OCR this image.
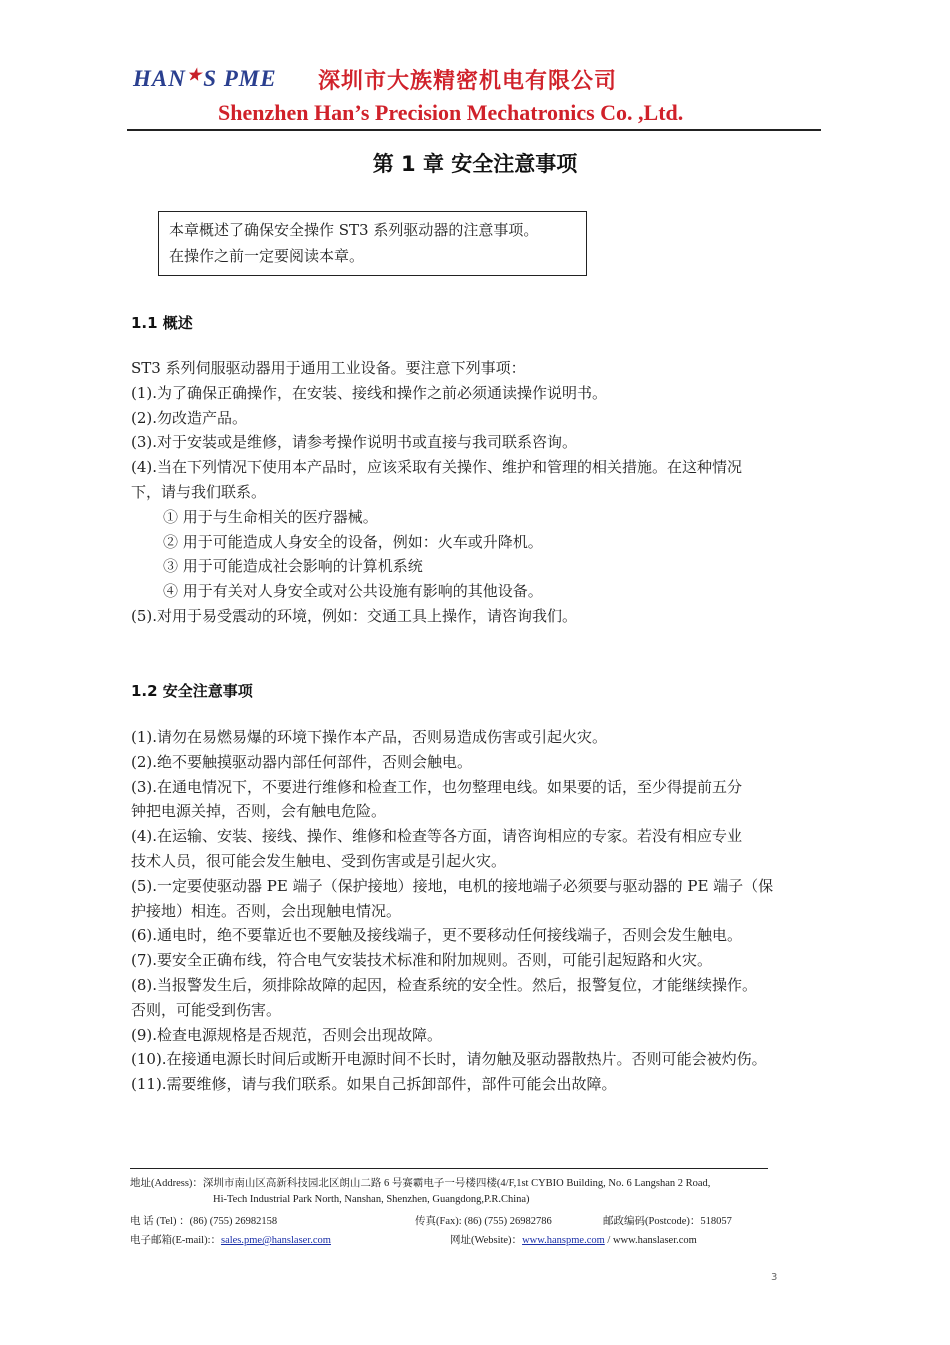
HAN★S PME 深圳市大族精密机电有限公司
Shenzhen Han’s Precision Mechatronics Co. ,Ltd.
第 1 章 安全注意事项
本章概述了确保安全操作 ST3 系列驱动器的注意事项。
在操作之前一定要阅读本章。
1.1 概述
ST3 系列伺服驱动器用于通用工业设备。要注意下列事项：
(1).为了确保正确操作，在安装、接线和操作之前必须通读操作说明书。
(2).勿改造产品。
(3).对于安装或是维修，请参考操作说明书或直接与我司联系咨询。
(4).当在下列情况下使用本产品时，应该采取有关操作、维护和管理的相关措施。在这种情况
下，请与我们联系。
① 用于与生命相关的医疗器械。
② 用于可能造成人身安全的设备，例如：火车或升降机。
③ 用于可能造成社会影响的计算机系统
④ 用于有关对人身安全或对公共设施有影响的其他设备。
(5).对用于易受震动的环境，例如：交通工具上操作，请咨询我们。
1.2 安全注意事项
(1).请勿在易燃易爆的环境下操作本产品，否则易造成伤害或引起火灾。
(2).绝不要触摸驱动器内部任何部件，否则会触电。
(3).在通电情况下，不要进行维修和检查工作，也勿整理电线。如果要的话，至少得提前五分
钟把电源关掉，否则，会有触电危险。
(4).在运输、安装、接线、操作、维修和检查等各方面，请咨询相应的专家。若没有相应专业
技术人员，很可能会发生触电、受到伤害或是引起火灾。
(5).一定要使驱动器 PE 端子（保护接地）接地，电机的接地端子必须要与驱动器的 PE 端子（保
护接地）相连。否则，会出现触电情况。
(6).通电时，绝不要靠近也不要触及接线端子，更不要移动任何接线端子，否则会发生触电。
(7).要安全正确布线，符合电气安装技术标准和附加规则。否则，可能引起短路和火灾。
(8).当报警发生后，须排除故障的起因，检查系统的安全性。然后，报警复位，才能继续操作。
否则，可能受到伤害。
(9).检查电源规格是否规范，否则会出现故障。
(10).在接通电源长时间后或断开电源时间不长时，请勿触及驱动器散热片。否则可能会被灼伤。
(11).需要维修，请与我们联系。如果自己拆卸部件，部件可能会出故障。
地址(Address)：深圳市南山区高新科技园北区朗山二路 6 号赛霸电子一号楼四楼(4/F,1st CYBIO Building, No. 6 Langshan 2 Road,
Hi-Tech Industrial Park North, Nanshan, Shenzhen, Guangdong,P.R.China)
电 话 (Tel) ：(86) (755) 26982158	传真(Fax): (86) (755) 26982786	邮政编码(Postcode)：518057
电子邮箱(E-mail):：sales.pme@hanslaser.com	网址(Website)：www.hanspme.com / www.hanslaser.com
3
